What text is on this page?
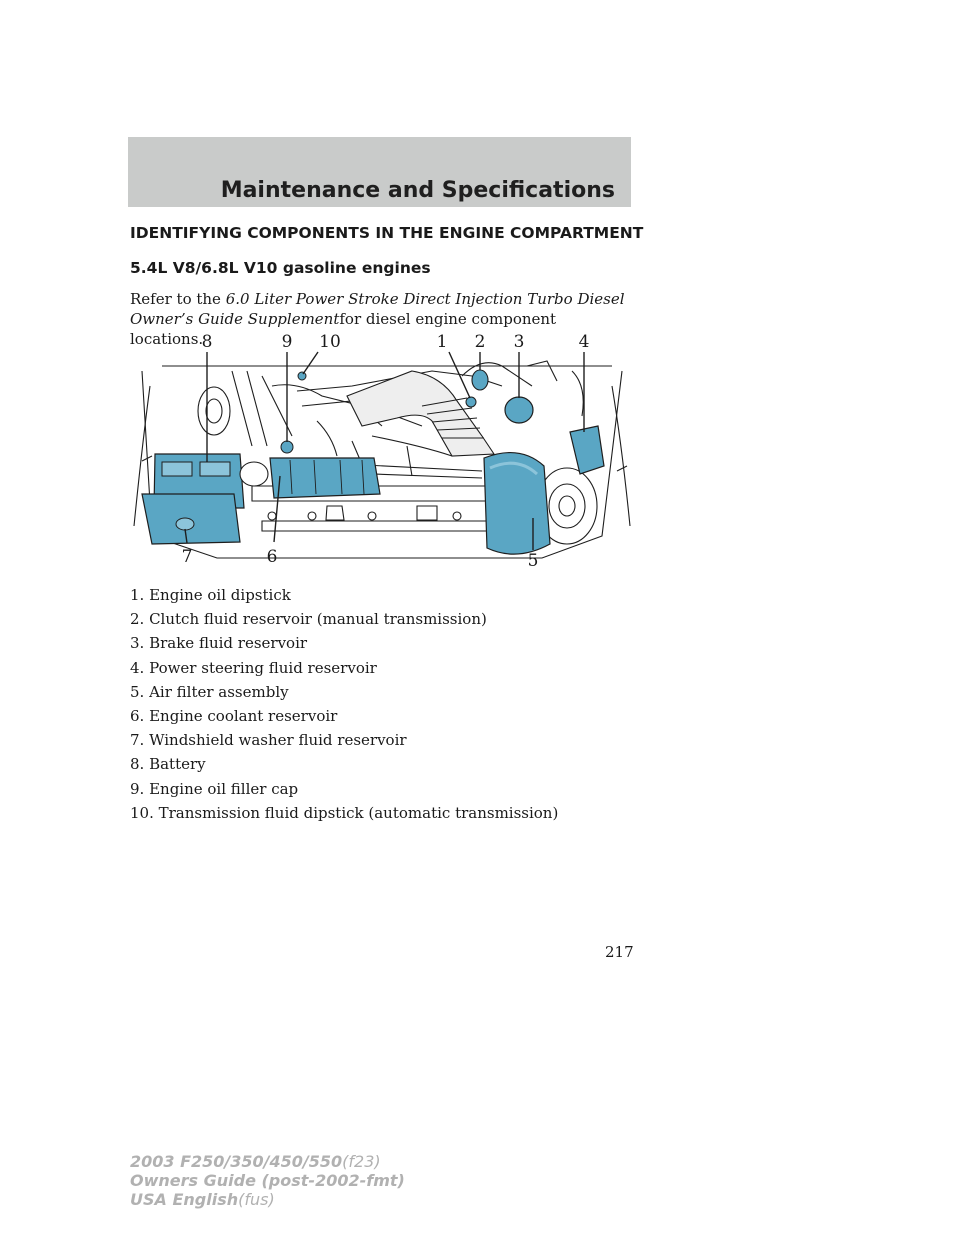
Maintenance and Specifications
IDENTIFYING COMPONENTS IN THE ENGINE COMPARTMENT
5.4L V8/6.8L V10 gasoline engines
Refer to the 6.0 Liter Power Stroke Direct Injection Turbo Diesel Owner’s Guide Supplementfor diesel engine component locations.
8	9 10	1 2 3	4
7	6	5
1. Engine oil dipstick
2. Clutch fluid reservoir (manual transmission)
3. Brake fluid reservoir
4. Power steering fluid reservoir
5. Air filter assembly
6. Engine coolant reservoir
7. Windshield washer fluid reservoir
8. Battery
9. Engine oil filler cap
10. Transmission fluid dipstick (automatic transmission)
217
2003 F250/350/450/550(f23)
Owners Guide (post-2002-fmt)
USA English(fus)
